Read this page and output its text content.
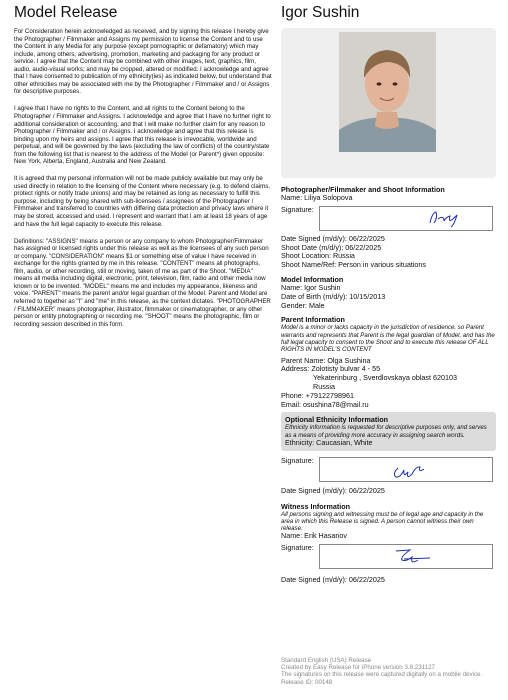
Model Release

For Consideration herein acknowledged as received, and by signing this release I hereby give the Photographer / Filmmaker and Assigns my permission to license the Content and to use the Content in any Media for any purpose (except pornographic or defamatory) which may include, among others, advertising, promotion, marketing and packaging for any product or service. I agree that the Content may be combined with other images, text, graphics, film, audio, audio-visual works; and may be cropped, altered or modified. I acknowledge and agree that I have consented to publication of my ethnicity(ies) as indicated below, but understand that other ethnicities may be associated with me by the Photographer / Filmmaker and / or Assigns for descriptive purposes.

I agree that I have no rights to the Content, and all rights to the Content belong to the Photographer / Filmmaker and Assigns. I acknowledge and agree that I have no further right to additional consideration or accounting, and that I will make no further claim for any reason to Photographer / Filmmaker and / or Assigns. I acknowledge and agree that this release is binding upon my heirs and assigns. I agree that this release is irrevocable, worldwide and perpetual, and will be governed by the laws (excluding the law of conflicts) of the country/state from the following list that is nearest to the address of the Model (or Parent*) given opposite: New York, Alberta, England, Australia and New Zealand.

It is agreed that my personal information will not be made publicly available but may only be used directly in relation to the licensing of the Content where necessary (e.g. to defend claims, protect rights or notify trade unions) and may be retained as long as necessary to fulfill this purpose, including by being shared with sub-licensees / assignees of the Photographer / Filmmaker and transferred to countries with differing data protection and privacy laws where it may be stored, accessed and used. I represent and warrant that I am at least 18 years of age and have the full legal capacity to execute this release.

Definitions: "ASSIGNS" means a person or any company to whom Photographer/Filmmaker has assigned or licensed rights under this release as well as the licensees of any such person or company. "CONSIDERATION" means $1 or something else of value I have received in exchange for the rights granted by me in this release. "CONTENT" means all photographs, film, audio, or other recording, still or moving, taken of me as part of the Shoot. "MEDIA" means all media including digital, electronic, print, television, film, radio and other media now known or to be invented. "MODEL" means me and includes my appearance, likeness and voice. "PARENT" means the parent and/or legal guardian of the Model. Parent and Model are referred to together as "I" and "me" in this release, as the context dictates. "PHOTOGRAPHER / FILMMAKER" means photographer, illustrator, filmmaker or cinematographer, or any other person or entity photographing or recording me. "SHOOT" means the photographic, film or recording session described in this form.

Igor Sushin

Photographer/Filmmaker and Shoot Information

Name: Liliya Solopova

Signature:

Date Signed (m/d/y): 06/22/2025

Shoot Date (m/d/y): 06/22/2025

Shoot Location: Russia

Shoot Name/Ref: Person in various situations

Model Information

Name: Igor Sushin

Date of Birth (m/d/y): 10/15/2013

Gender: Male

Parent Information

Model is a minor or lacks capacity in the jurisdiction of residence, so Parent warrants and represents that Parent is the legal guardian of Model, and has the full legal capacity to consent to the Shoot and to execute this release OF ALL RIGHTS IN MODEL'S CONTENT

Parent Name: Olga Sushina

Address: Zolotisty bulvar 4 - 55

Yekaterinburg , Sverdlovskaya oblast 620103

Russia

Phone: +79122798961

Email: osushina78@mail.ru

Optional Ethnicity Information

Ethnicity information is requested for descriptive purposes only, and serves as a means of providing more accuracy in assigning search words.

Ethnicity: Caucasian, White

Signature:

Date Signed (m/d/y): 06/22/2025

Witness Information

All persons signing and witnessing must be of legal age and capacity in the area in which this Release is signed. A person cannot witness their own release.

Name: Erik Hasanov

Signature:

Date Signed (m/d/y): 06/22/2025

Standard English (USA) Release

Created by Easy Release for iPhone version 3.8.231127

The signatures on this release were captured digitally on a mobile device.

Release ID: 00148
